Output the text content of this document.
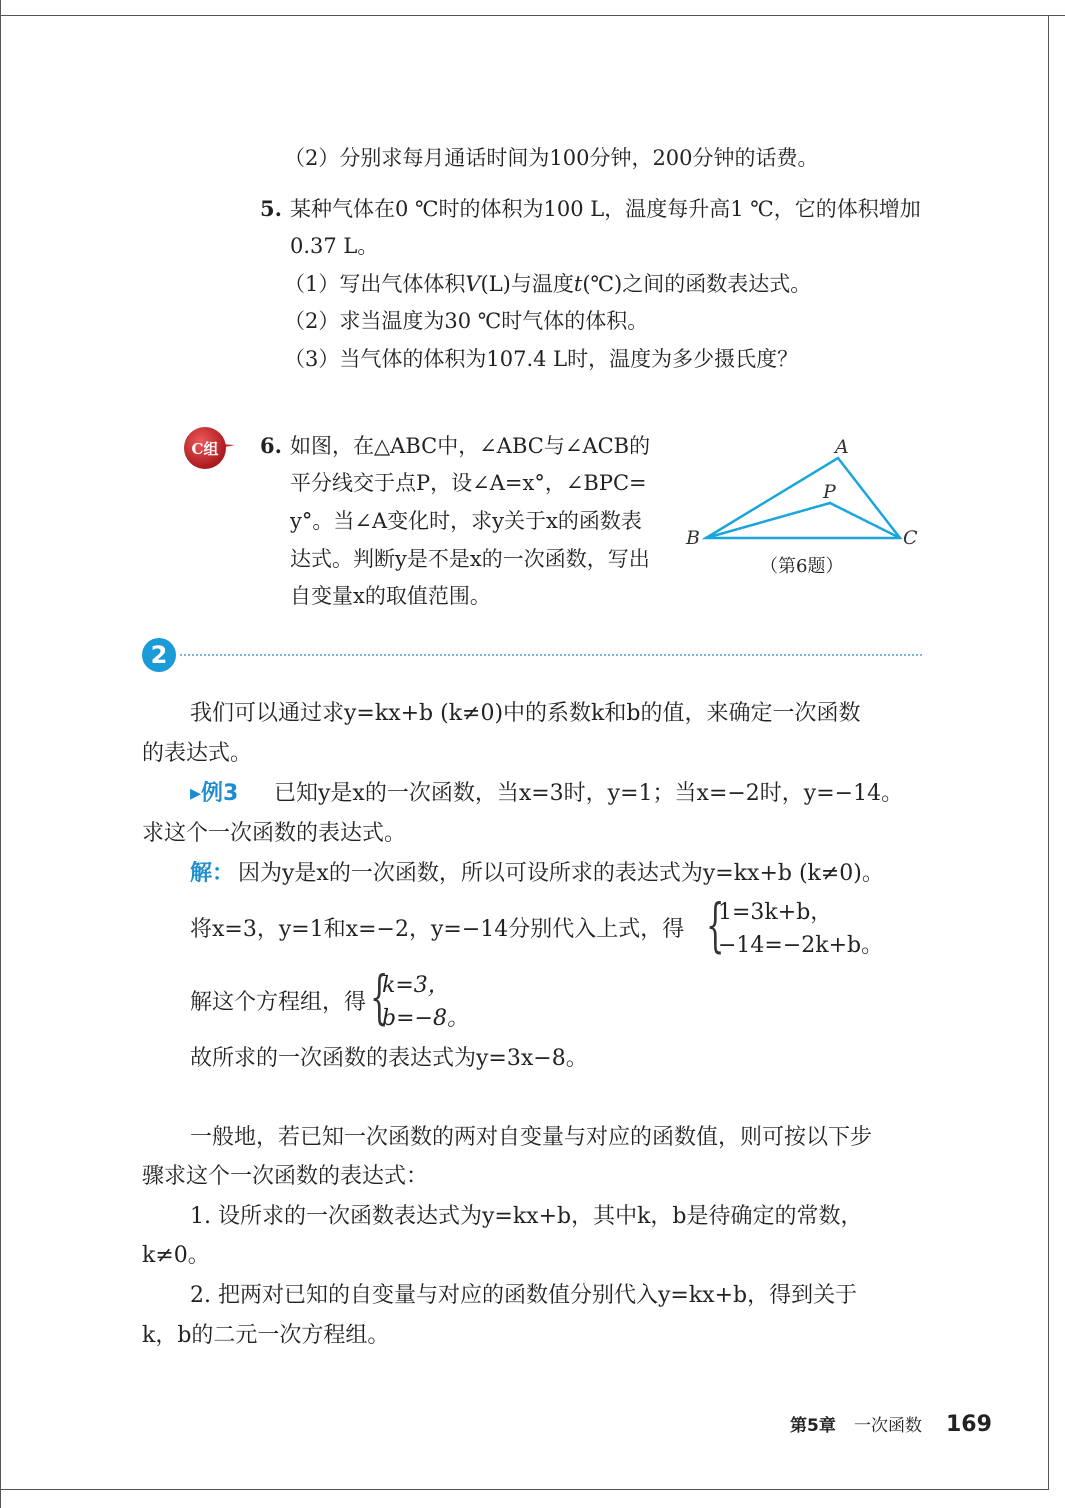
（2）分别求每月通话时间为100分钟，200分钟的话费。
5. 某种气体在0 ℃时的体积为100 L，温度每升高1 ℃，它的体积增加
0.37 L。
（1）写出气体体积V(L)与温度t(℃)之间的函数表达式。
（2）求当温度为30 ℃时气体的体积。
（3）当气体的体积为107.4 L时，温度为多少摄氏度？
C组 6. 如图，在△ABC中，∠ABC与∠ACB的
平分线交于点P，设∠A=x°，∠BPC=
y°。当∠A变化时，求y关于x的函数表
达式。判断y是不是x的一次函数，写出
自变量x的取值范围。
A
P
B	C
（第6题）
2
我们可以通过求y=kx+b (k≠0)中的系数k和b的值，来确定一次函数
的表达式。
▸例3 已知y是x的一次函数，当x=3时，y=1；当x=−2时，y=−14。
求这个一次函数的表达式。
解： 因为y是x的一次函数，所以可设所求的表达式为y=kx+b (k≠0)。
将x=3，y=1和x=−2，y=−14分别代入上式，得 {
1=3k+b，
−14=−2k+b。
解这个方程组，得 {
k=3，
b=−8。
故所求的一次函数的表达式为y=3x−8。
一般地，若已知一次函数的两对自变量与对应的函数值，则可按以下步
骤求这个一次函数的表达式：
1. 设所求的一次函数表达式为y=kx+b，其中k，b是待确定的常数，
k≠0。
2. 把两对已知的自变量与对应的函数值分别代入y=kx+b，得到关于
k，b的二元一次方程组。
第5章 一次函数 169
